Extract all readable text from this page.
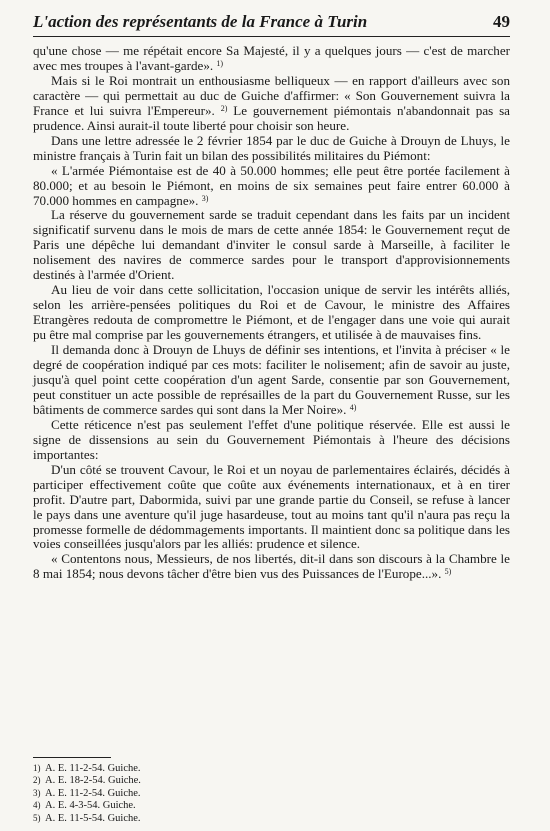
L'action des représentants de la France à Turin	49

qu'une chose — me répétait encore Sa Majesté, il y a quelques jours — c'est de marcher avec mes troupes à l'avant-garde». $^{1)}$

Mais si le Roi montrait un enthousiasme belliqueux — en rapport d'ailleurs avec son caractère — qui permettait au duc de Guiche d'affirmer: « Son Gouvernement suivra la France et lui suivra l'Empereur». $^{2)}$ Le gouvernement piémontais n'abandonnait pas sa prudence. Ainsi aurait-il toute liberté pour choisir son heure.

Dans une lettre adressée le 2 février 1854 par le duc de Guiche à Drouyn de Lhuys, le ministre français à Turin fait un bilan des possibilités militaires du Piémont:

« L'armée Piémontaise est de 40 à 50.000 hommes; elle peut être portée facilement à 80.000; et au besoin le Piémont, en moins de six semaines peut faire entrer 60.000 à 70.000 hommes en campagne». $^{3)}$

La réserve du gouvernement sarde se traduit cependant dans les faits par un incident significatif survenu dans le mois de mars de cette année 1854: le Gouvernement reçut de Paris une dépêche lui demandant d'inviter le consul sarde à Marseille, à faciliter le nolisement des navires de commerce sardes pour le transport d'approvisionnements destinés à l'armée d'Orient.

Au lieu de voir dans cette sollicitation, l'occasion unique de servir les intérêts alliés, selon les arrière-pensées politiques du Roi et de Cavour, le ministre des Affaires Etrangères redouta de compromettre le Piémont, et de l'engager dans une voie qui aurait pu être mal comprise par les gouvernements étrangers, et utilisée à de mauvaises fins.

Il demanda donc à Drouyn de Lhuys de définir ses intentions, et l'invita à préciser « le degré de coopération indiqué par ces mots: faciliter le nolisement; afin de savoir au juste, jusqu'à quel point cette coopération d'un agent Sarde, consentie par son Gouvernement, peut constituer un acte possible de représailles de la part du Gouvernement Russe, sur les bâtiments de commerce sardes qui sont dans la Mer Noire». $^{4)}$

Cette réticence n'est pas seulement l'effet d'une politique réservée. Elle est aussi le signe de dissensions au sein du Gouvernement Piémontais à l'heure des décisions importantes:

D'un côté se trouvent Cavour, le Roi et un noyau de parlementaires éclairés, décidés à participer effectivement coûte que coûte aux événements internationaux, et à en tirer profit. D'autre part, Dabormida, suivi par une grande partie du Conseil, se refuse à lancer le pays dans une aventure qu'il juge hasardeuse, tout au moins tant qu'il n'aura pas reçu la promesse formelle de dédommagements importants. Il maintient donc sa politique dans les voies conseillées jusqu'alors par les alliés: prudence et silence.

« Contentons nous, Messieurs, de nos libertés, dit-il dans son discours à la Chambre le 8 mai 1854; nous devons tâcher d'être bien vus des Puissances de l'Europe...». $^{5)}$

1) A. E. 11-2-54. Guiche.
2) A. E. 18-2-54. Guiche.
3) A. E. 11-2-54. Guiche.
4) A. E. 4-3-54. Guiche.
5) A. E. 11-5-54. Guiche.
